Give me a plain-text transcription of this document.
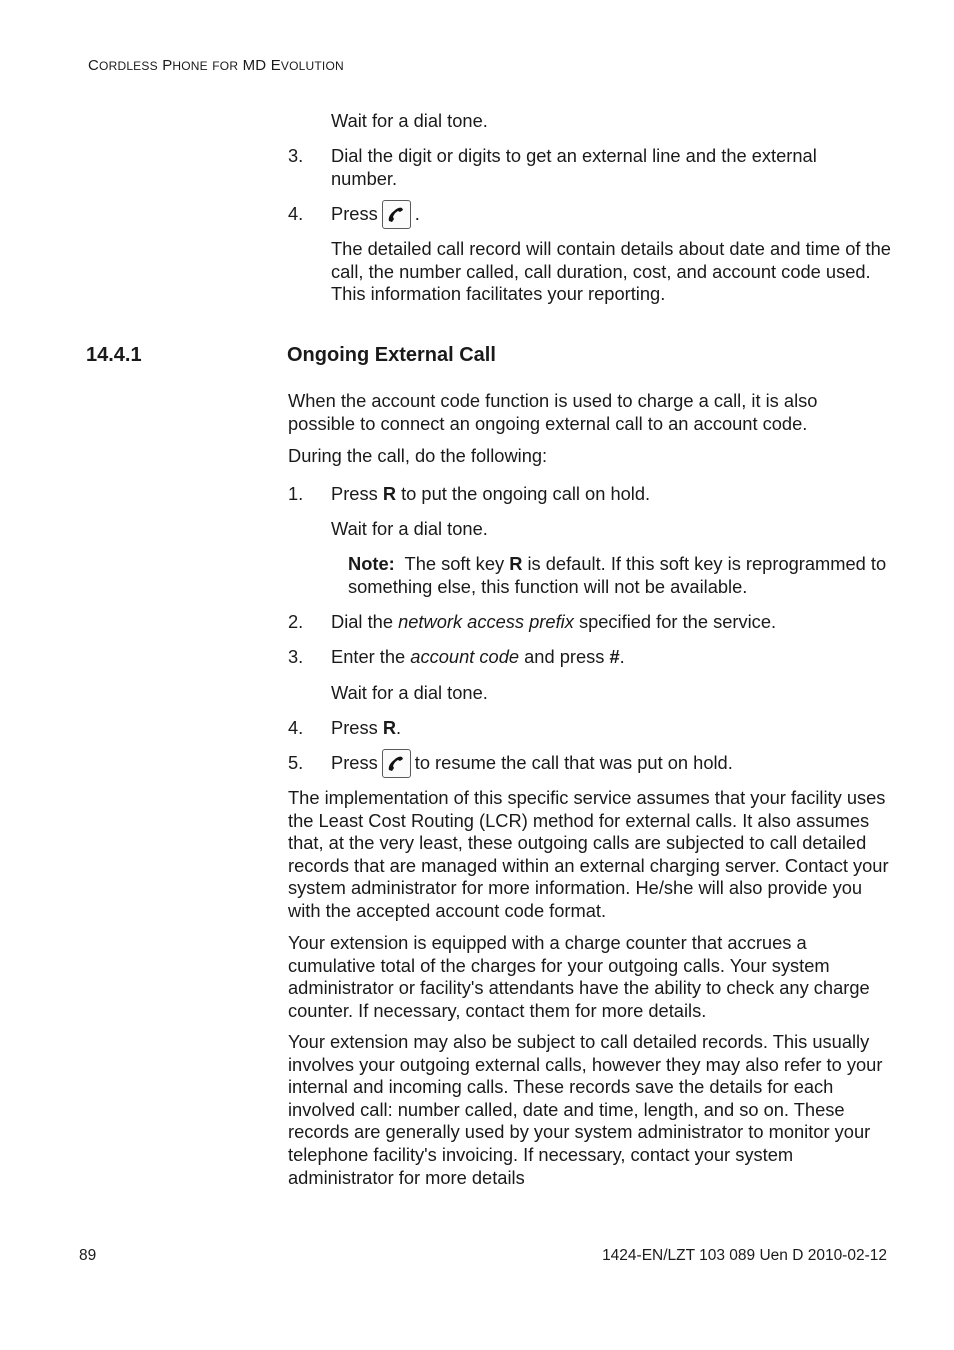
CORDLESS PHONE FOR MD EVOLUTION

Wait for a dial tone.

3.	Dial the digit or digits to get an external line and the external number.

4.	Press .

The detailed call record will contain details about date and time of the call, the number called, call duration, cost, and account code used. This information facilitates your reporting.

14.4.1	Ongoing External Call

When the account code function is used to charge a call, it is also possible to connect an ongoing external call to an account code.

During the call, do the following:

1.	Press R to put the ongoing call on hold.

Wait for a dial tone.

Note: The soft key R is default. If this soft key is reprogrammed to something else, this function will not be available.

2.	Dial the network access prefix specified for the service.

3.	Enter the account code and press #.

Wait for a dial tone.

4.	Press R.

5.	Press to resume the call that was put on hold.

The implementation of this specific service assumes that your facility uses the Least Cost Routing (LCR) method for external calls. It also assumes that, at the very least, these outgoing calls are subjected to call detailed records that are managed within an external charging server. Contact your system administrator for more information. He/she will also provide you with the accepted account code format.

Your extension is equipped with a charge counter that accrues a cumulative total of the charges for your outgoing calls. Your system administrator or facility's attendants have the ability to check any charge counter. If necessary, contact them for more details.

Your extension may also be subject to call detailed records. This usually involves your outgoing external calls, however they may also refer to your internal and incoming calls. These records save the details for each involved call: number called, date and time, length, and so on. These records are generally used by your system administrator to monitor your telephone facility's invoicing. If necessary, contact your system administrator for more details

89	1424-EN/LZT 103 089 Uen D 2010-02-12
